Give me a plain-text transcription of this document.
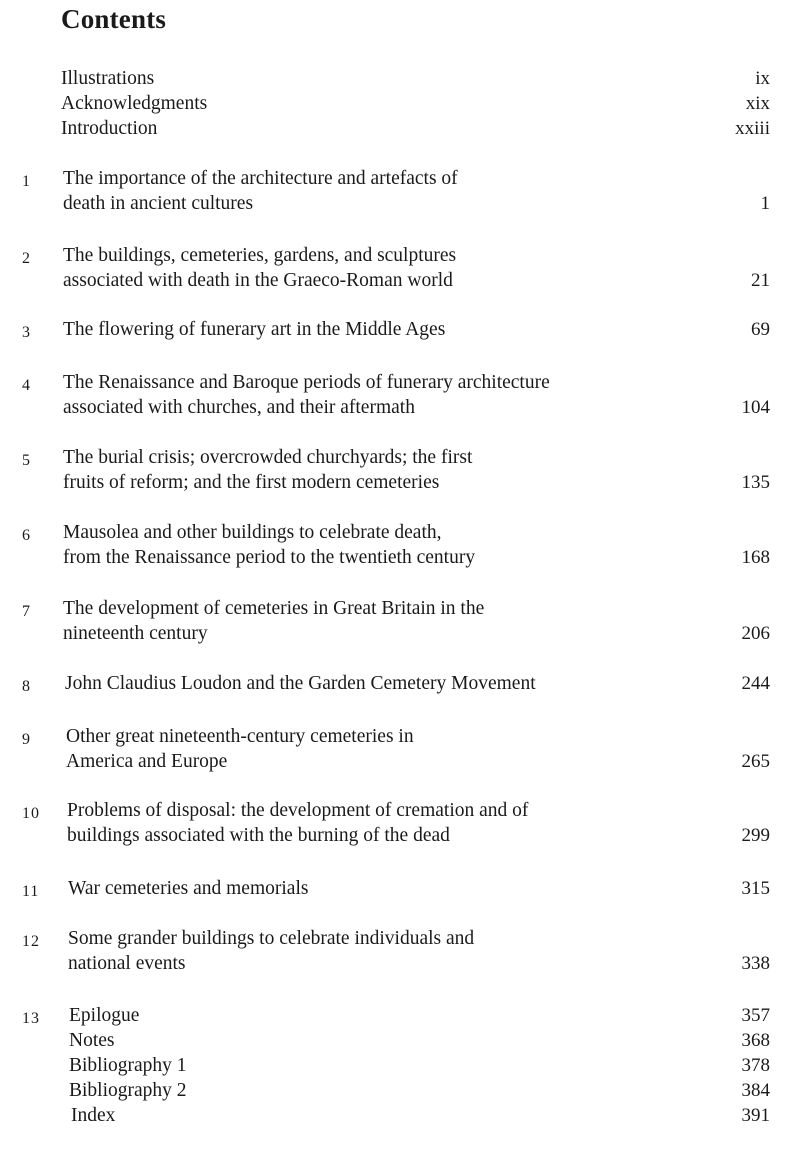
Contents
Illustrations	ix
Acknowledgments	xix
Introduction	xxiii
1	The importance of the architecture and artefacts of
death in ancient cultures	1
2	The buildings, cemeteries, gardens, and sculptures
associated with death in the Graeco-Roman world	21
3	The flowering of funerary art in the Middle Ages	69
4	The Renaissance and Baroque periods of funerary architecture
associated with churches, and their aftermath	104
5	The burial crisis; overcrowded churchyards; the first
fruits of reform; and the first modern cemeteries	135
6	Mausolea and other buildings to celebrate death,
from the Renaissance period to the twentieth century	168
7	The development of cemeteries in Great Britain in the
nineteenth century	206
8	John Claudius Loudon and the Garden Cemetery Movement	244
9	Other great nineteenth-century cemeteries in
America and Europe	265
10	Problems of disposal: the development of cremation and of
buildings associated with the burning of the dead	299
11	War cemeteries and memorials	315
12	Some grander buildings to celebrate individuals and
national events	338
13	Epilogue	357
Notes	368
Bibliography 1	378
Bibliography 2	384
Index	391
